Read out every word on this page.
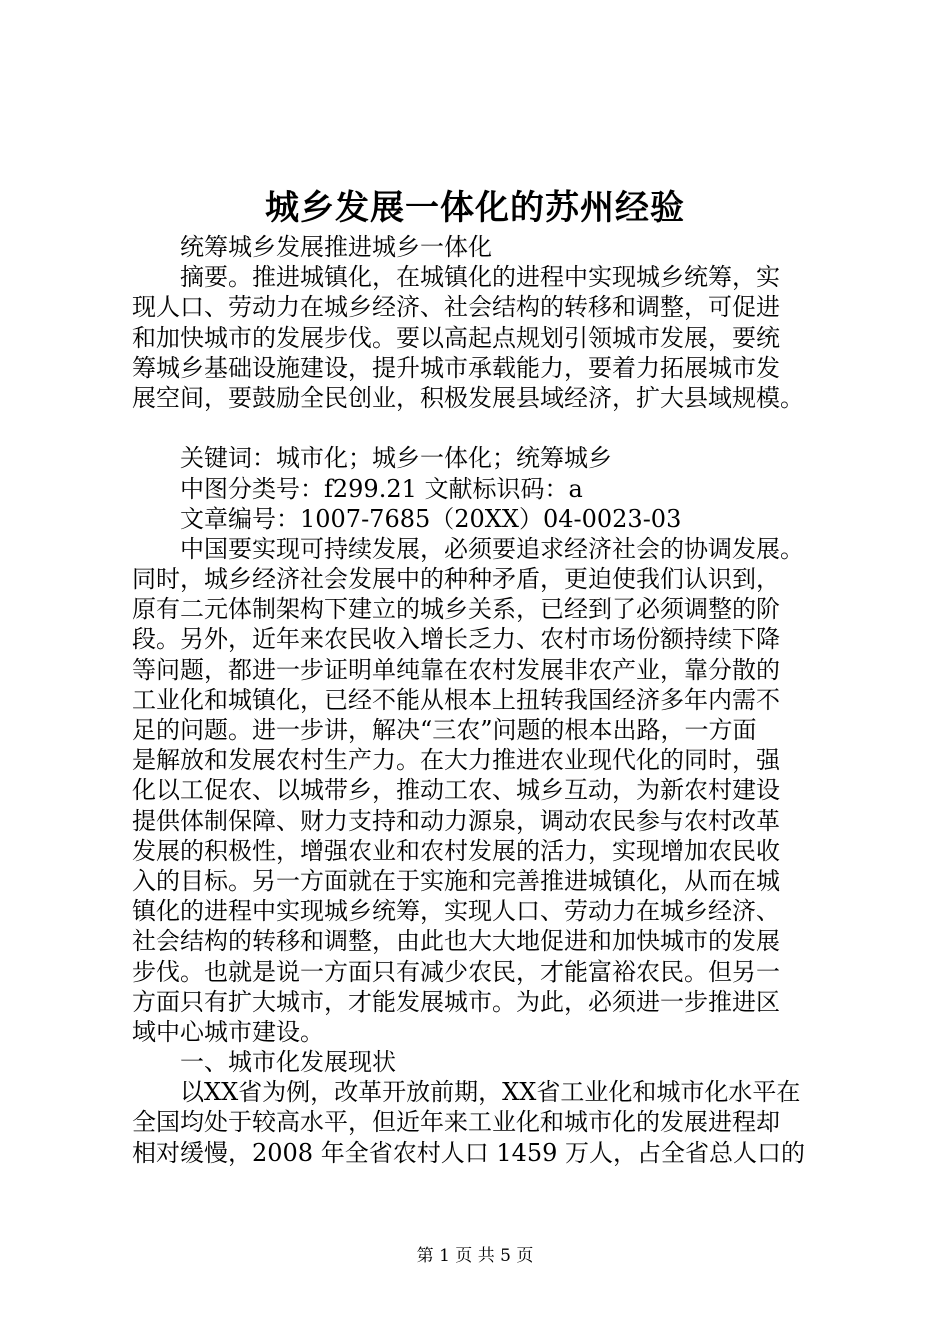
城乡发展一体化的苏州经验
统筹城乡发展推进城乡一体化
摘要。推进城镇化，在城镇化的进程中实现城乡统筹，实
现人口、劳动力在城乡经济、社会结构的转移和调整，可促进
和加快城市的发展步伐。要以高起点规划引领城市发展，要统
筹城乡基础设施建设，提升城市承载能力，要着力拓展城市发
展空间，要鼓励全民创业，积极发展县域经济，扩大县域规模。
关键词：城市化；城乡一体化；统筹城乡
中图分类号：f299.21 文献标识码：a
文章编号：1007-7685（20XX）04-0023-03
中国要实现可持续发展，必须要追求经济社会的协调发展。
同时，城乡经济社会发展中的种种矛盾，更迫使我们认识到，
原有二元体制架构下建立的城乡关系，已经到了必须调整的阶
段。另外，近年来农民收入增长乏力、农村市场份额持续下降
等问题，都进一步证明单纯靠在农村发展非农产业，靠分散的
工业化和城镇化，已经不能从根本上扭转我国经济多年内需不
足的问题。进一步讲，解决“三农”问题的根本出路，一方面
是解放和发展农村生产力。在大力推进农业现代化的同时，强
化以工促农、以城带乡，推动工农、城乡互动，为新农村建设
提供体制保障、财力支持和动力源泉，调动农民参与农村改革
发展的积极性，增强农业和农村发展的活力，实现增加农民收
入的目标。另一方面就在于实施和完善推进城镇化，从而在城
镇化的进程中实现城乡统筹，实现人口、劳动力在城乡经济、
社会结构的转移和调整，由此也大大地促进和加快城市的发展
步伐。也就是说一方面只有减少农民，才能富裕农民。但另一
方面只有扩大城市，才能发展城市。为此，必须进一步推进区
域中心城市建设。
一、城市化发展现状
以XX省为例，改革开放前期，XX省工业化和城市化水平在
全国均处于较高水平，但近年来工业化和城市化的发展进程却
相对缓慢，2008 年全省农村人口 1459 万人，占全省总人口的
第 1 页 共 5 页
